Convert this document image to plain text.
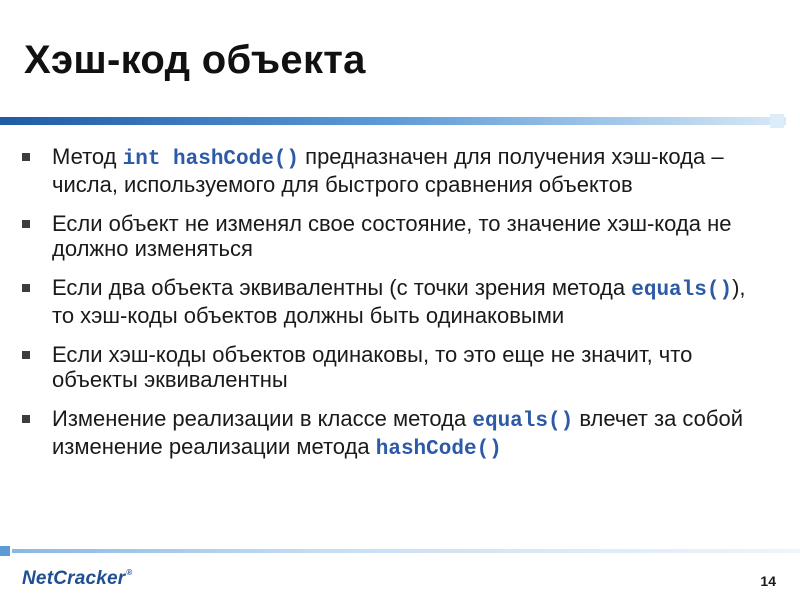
Хэш-код объекта
Метод int hashCode() предназначен для получения хэш-кода – числа, используемого для быстрого сравнения объектов
Если объект не изменял свое состояние, то значение хэш-кода не должно изменяться
Если два объекта эквивалентны (с точки зрения метода equals()), то хэш-коды объектов должны быть одинаковыми
Если хэш-коды объектов одинаковы, то это еще не значит, что объекты эквивалентны
Изменение реализации в классе метода equals() влечет за собой изменение реализации метода hashCode()
NetCracker®
14
